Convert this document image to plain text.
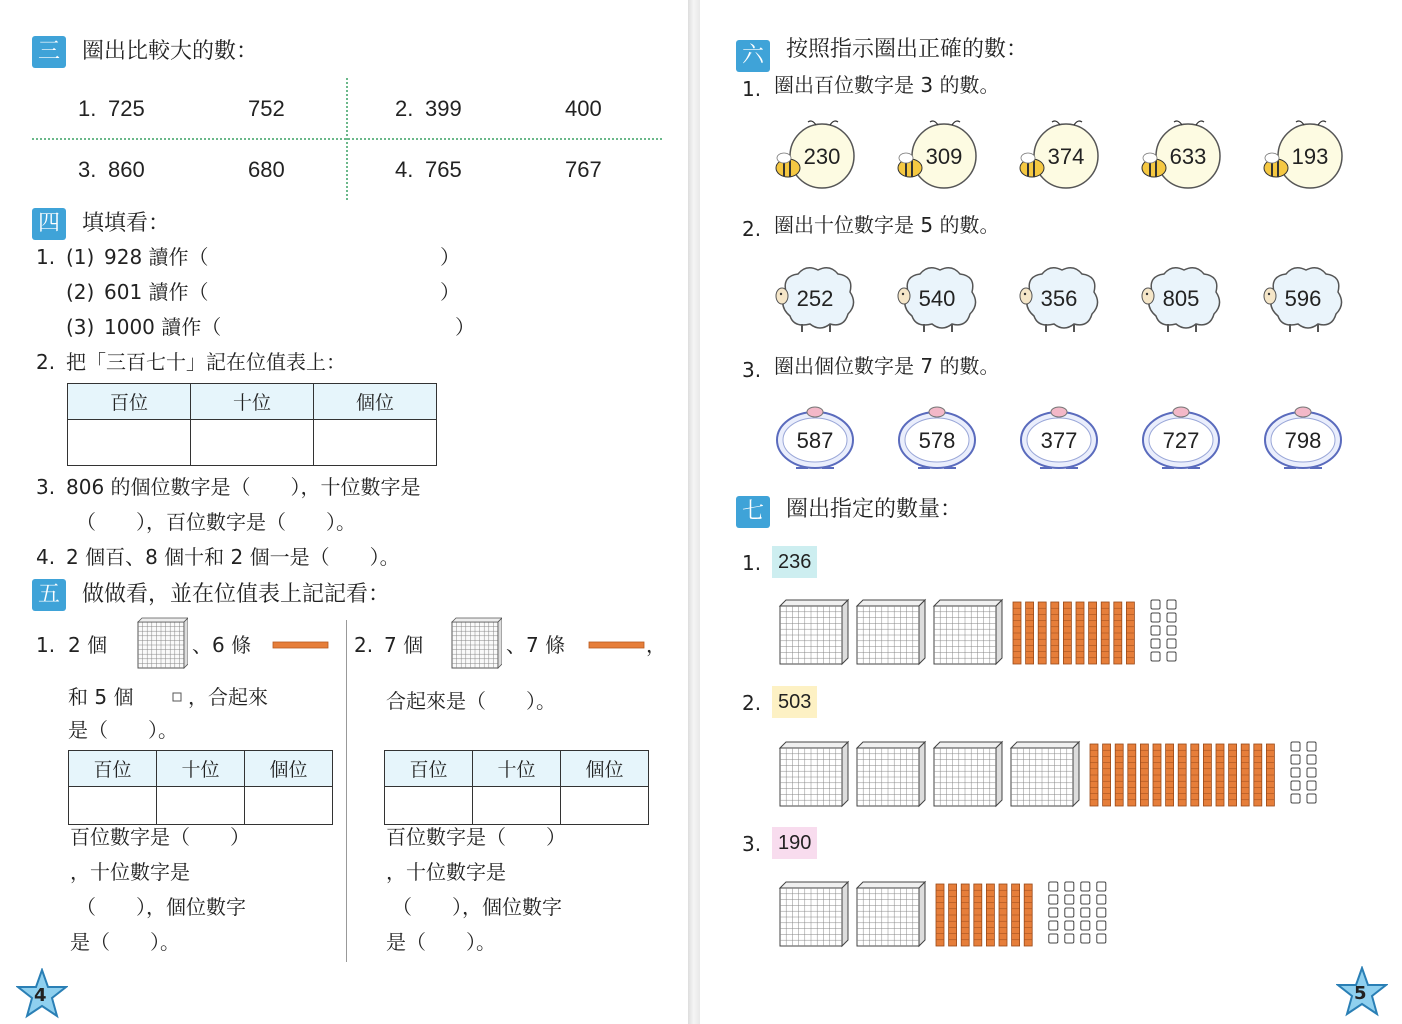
三 圈出比較大的數：
1. 725	752	2. 399	400
3. 860	680	4. 765	767
四 填填看：
1. (1) 928 讀作（	）
(2) 601 讀作（	）
(3) 1000 讀作（	）
2. 把「三百七十」記在位值表上：
百位	十位	個位

3. 806 的個位數字是（　　），十位數字是
（　　），百位數字是（　　）。
4. 2 個百、8 個十和 2 個一是（　　）。
五 做做看，並在位值表上記記看：
1. 2 個	、6 條
和 5 個	，合起來
是（　　）。
百位	十位	個位

百位數字是（　　）
，十位數字是
（　　），個位數字
是（　　）。
2. 7 個	、7 條	，
合起來是（　　）。
百位	十位	個位

百位數字是（　　）
，十位數字是
（　　），個位數字
是（　　）。
4
六 按照指示圈出正確的數：
1. 圈出百位數字是 3 的數。
2. 圈出十位數字是 5 的數。
3. 圈出個位數字是 7 的數。
七 圈出指定的數量：
1. 236
2. 503
3. 190
5
230	309	374	633	193
252	540	356	805	596
587	578	377	727	798
